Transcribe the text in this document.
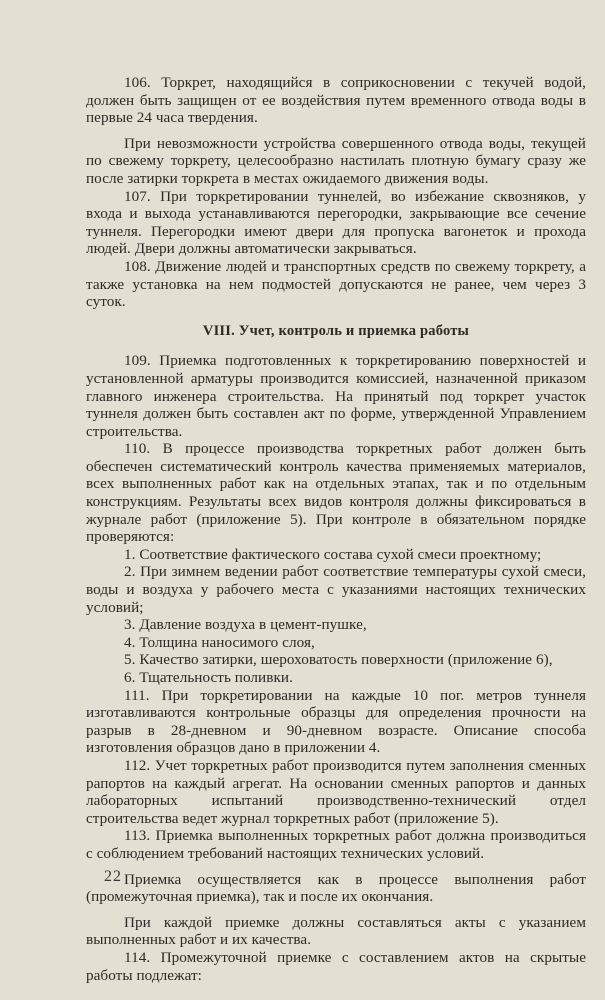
106. Торкрет, находящийся в соприкосновении с текучей водой, должен быть защищен от ее воздействия путем временного отвода воды в первые 24 часа твердения.

При невозможности устройства совершенного отвода воды, текущей по свежему торкрету, целесообразно настилать плотную бумагу сразу же после затирки торкрета в местах ожидаемого движения воды.

107. При торкретировании туннелей, во избежание сквозняков, у входа и выхода устанавливаются перегородки, закрывающие все сечение туннеля. Перегородки имеют двери для пропуска вагонеток и прохода людей. Двери должны автоматически закрываться.

108. Движение людей и транспортных средств по свежему торкрету, а также установка на нем подмостей допускаются не ранее, чем через 3 суток.

VIII. Учет, контроль и приемка работы

109. Приемка подготовленных к торкретированию поверхностей и установленной арматуры производится комиссией, назначенной приказом главного инженера строительства. На принятый под торкрет участок туннеля должен быть составлен акт по форме, утвержденной Управлением строительства.

110. В процессе производства торкретных работ должен быть обеспечен систематический контроль качества применяемых материалов, всех выполненных работ как на отдельных этапах, так и по отдельным конструкциям. Результаты всех видов контроля должны фиксироваться в журнале работ (приложение 5). При контроле в обязательном порядке проверяются:

1. Соответствие фактического состава сухой смеси проектному;

2. При зимнем ведении работ соответствие температуры сухой смеси, воды и воздуха у рабочего места с указаниями настоящих технических условий;

3. Давление воздуха в цемент-пушке,

4. Толщина наносимого слоя,

5. Качество затирки, шероховатость поверхности (приложение 6),

6. Тщательность поливки.

111. При торкретировании на каждые 10 пог. метров туннеля изготавливаются контрольные образцы для определения прочности на разрыв в 28-дневном и 90-дневном возрасте. Описание способа изготовления образцов дано в приложении 4.

112. Учет торкретных работ производится путем заполнения сменных рапортов на каждый агрегат. На основании сменных рапортов и данных лабораторных испытаний производственно-технический отдел строительства ведет журнал торкретных работ (приложение 5).

113. Приемка выполненных торкретных работ должна производиться с соблюдением требований настоящих технических условий.

Приемка осуществляется как в процессе выполнения работ (промежуточная приемка), так и после их окончания.

При каждой приемке должны составляться акты с указанием выполненных работ и их качества.

114. Промежуточной приемке с составлением актов на скрытые работы подлежат:

22
